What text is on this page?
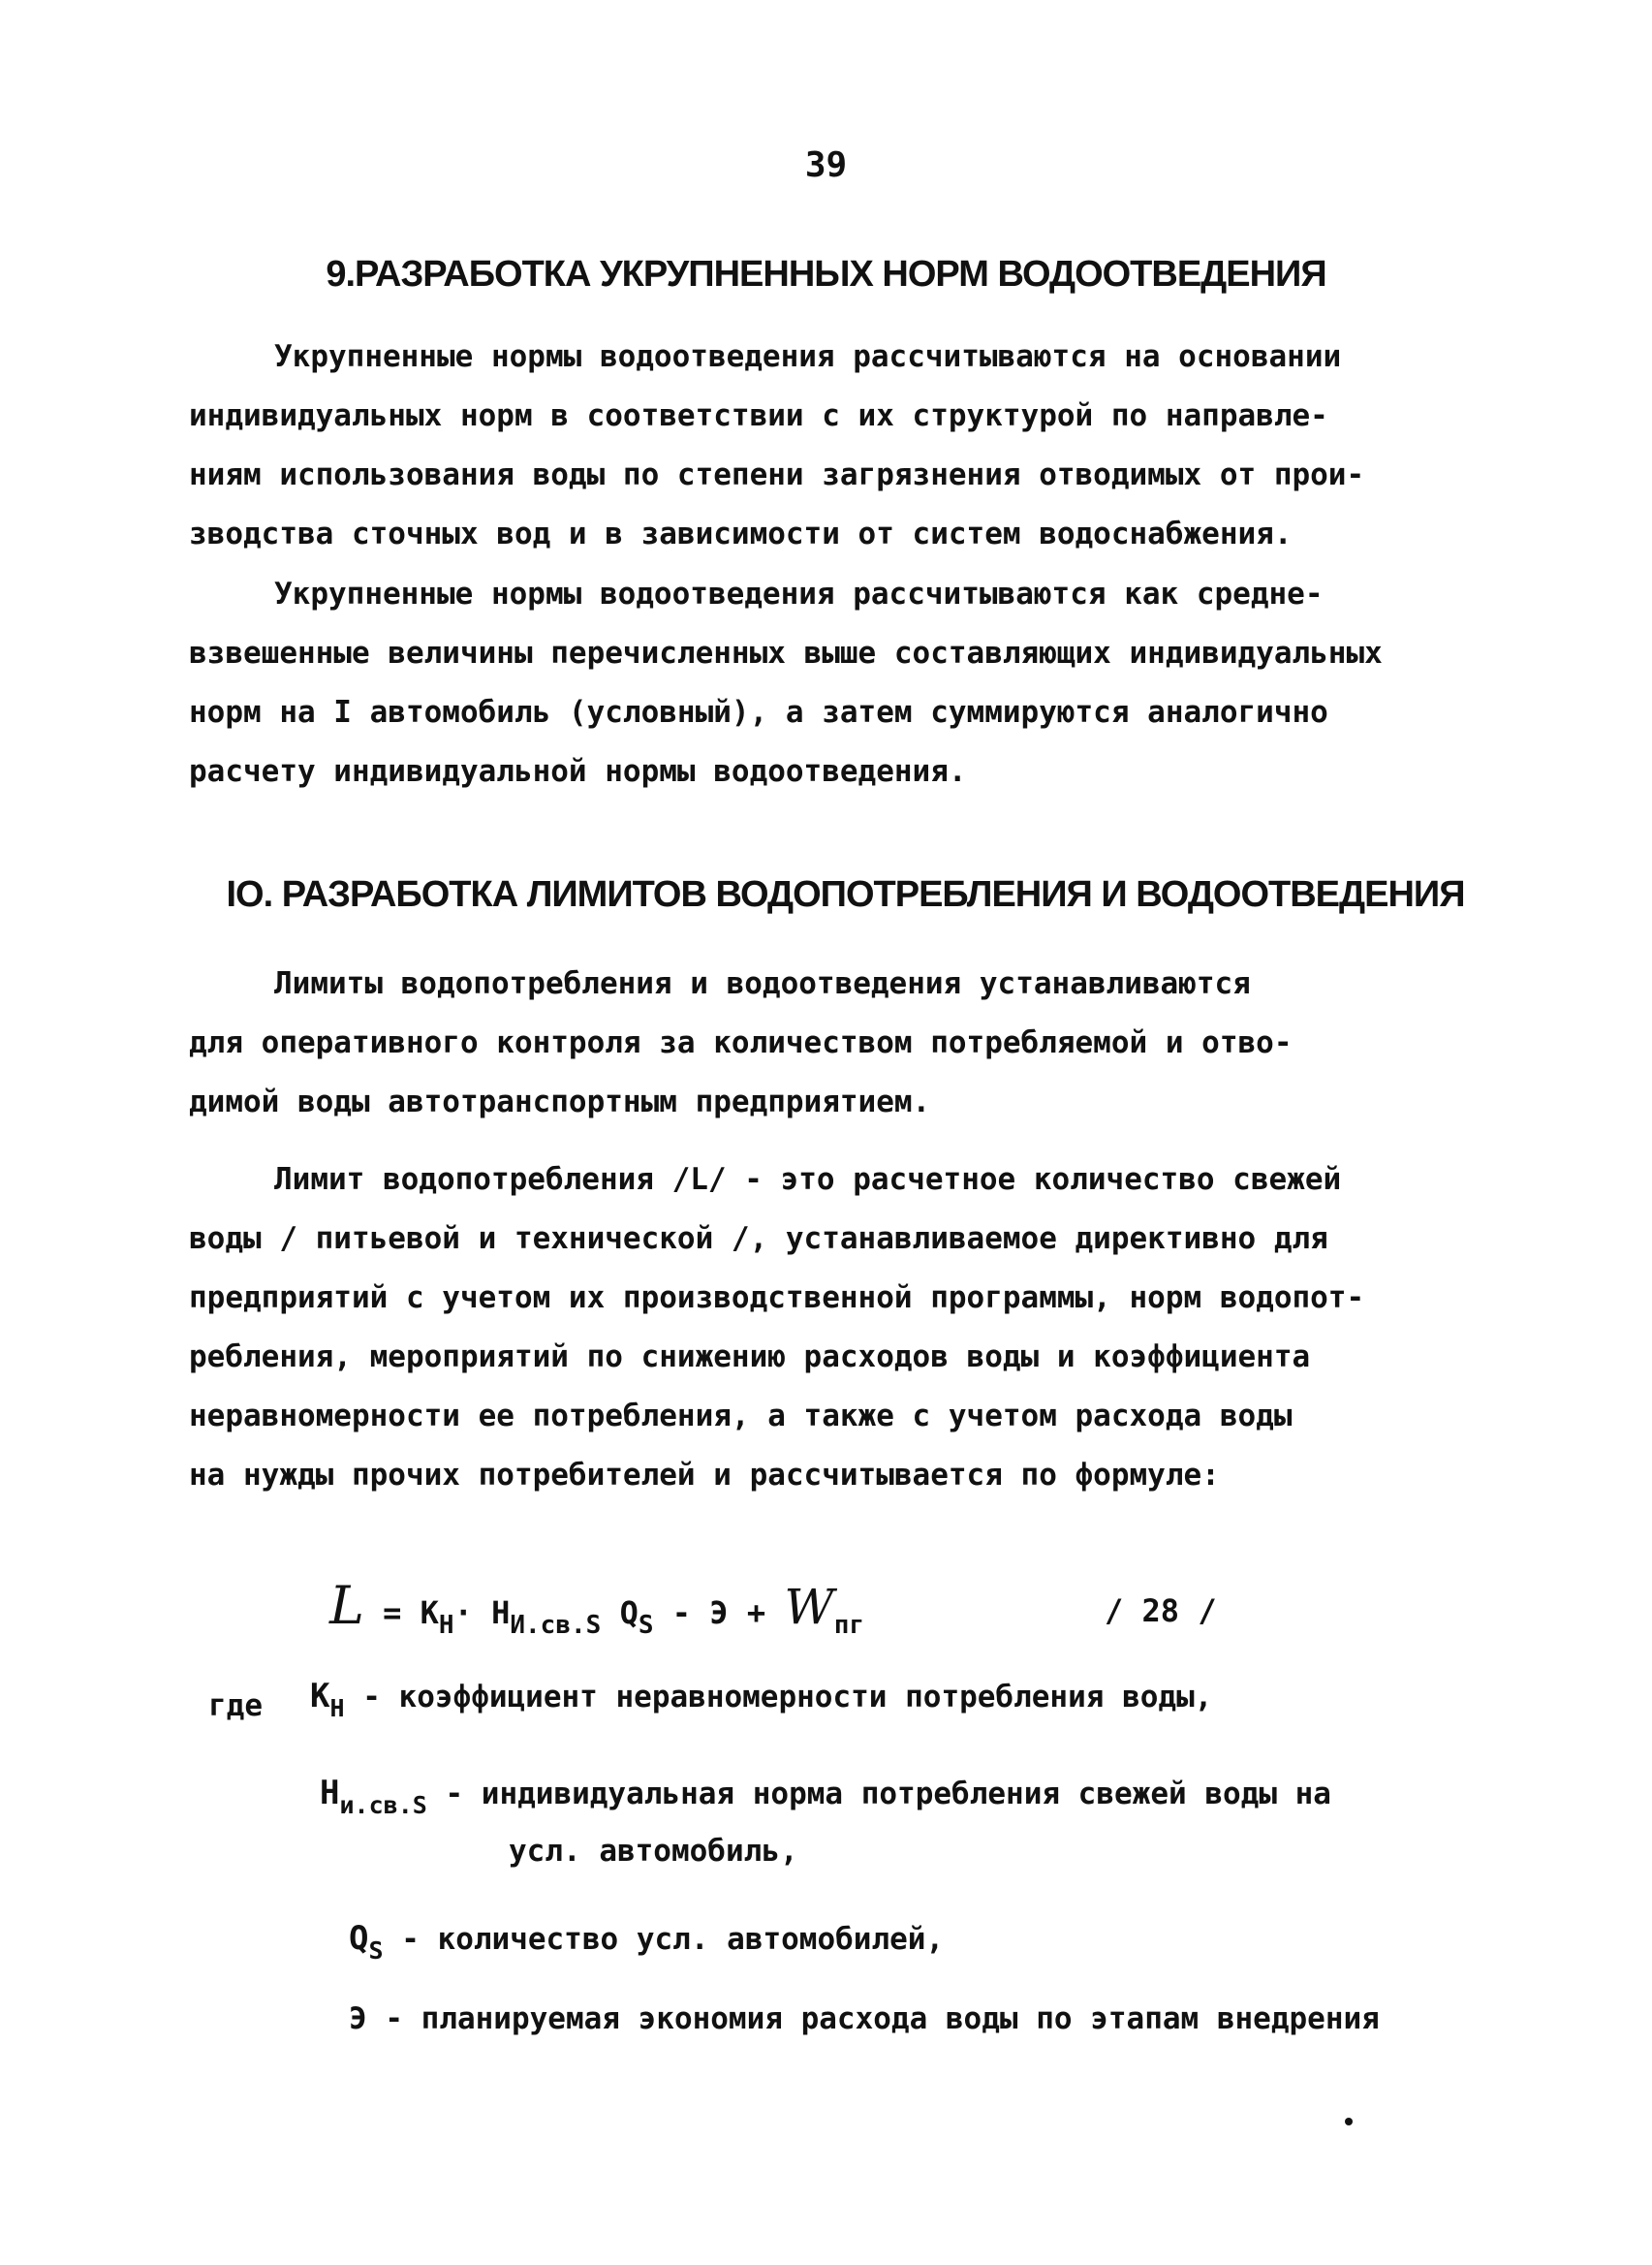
39
9.РАЗРАБОТКА УКРУПНЕННЫХ НОРМ ВОДООТВЕДЕНИЯ
Укрупненные нормы водоотведения рассчитываются на основании
индивидуальных норм в соответствии с их структурой по направле-
ниям использования воды по степени загрязнения отводимых от прои-
зводства сточных вод и в зависимости от систем водоснабжения.
Укрупненные нормы водоотведения рассчитываются как средне-
взвешенные величины перечисленных выше составляющих индивидуальных
норм на I автомобиль (условный), а затем суммируются аналогично
расчету индивидуальной нормы водоотведения.
IO. РАЗРАБОТКА ЛИМИТОВ ВОДОПОТРЕБЛЕНИЯ И ВОДООТВЕДЕНИЯ
Лимиты водопотребления и водоотведения устанавливаются
для оперативного контроля за количеством потребляемой и отво-
димой воды автотранспортным предприятием.
Лимит водопотребления /L/ - это расчетное количество свежей
воды / питьевой и технической /, устанавливаемое директивно для
предприятий с учетом их производственной программы, норм водопот-
ребления, мероприятий по снижению расходов воды и коэффициента
неравномерности ее потребления, а также с учетом расхода воды
на нужды прочих потребителей и рассчитывается по формуле:
$L = К_Н\cdot Н_{И.св.S}$ $Q_S - Э + W_{пг}$	/ 28 /
где $К_Н$ - коэффициент неравномерности потребления воды,
$Н_{и.св.S}$ - индивидуальная норма потребления свежей воды на
усл. автомобиль,
$Q_S$ - количество усл. автомобилей,
Э - планируемая экономия расхода воды по этапам внедрения
